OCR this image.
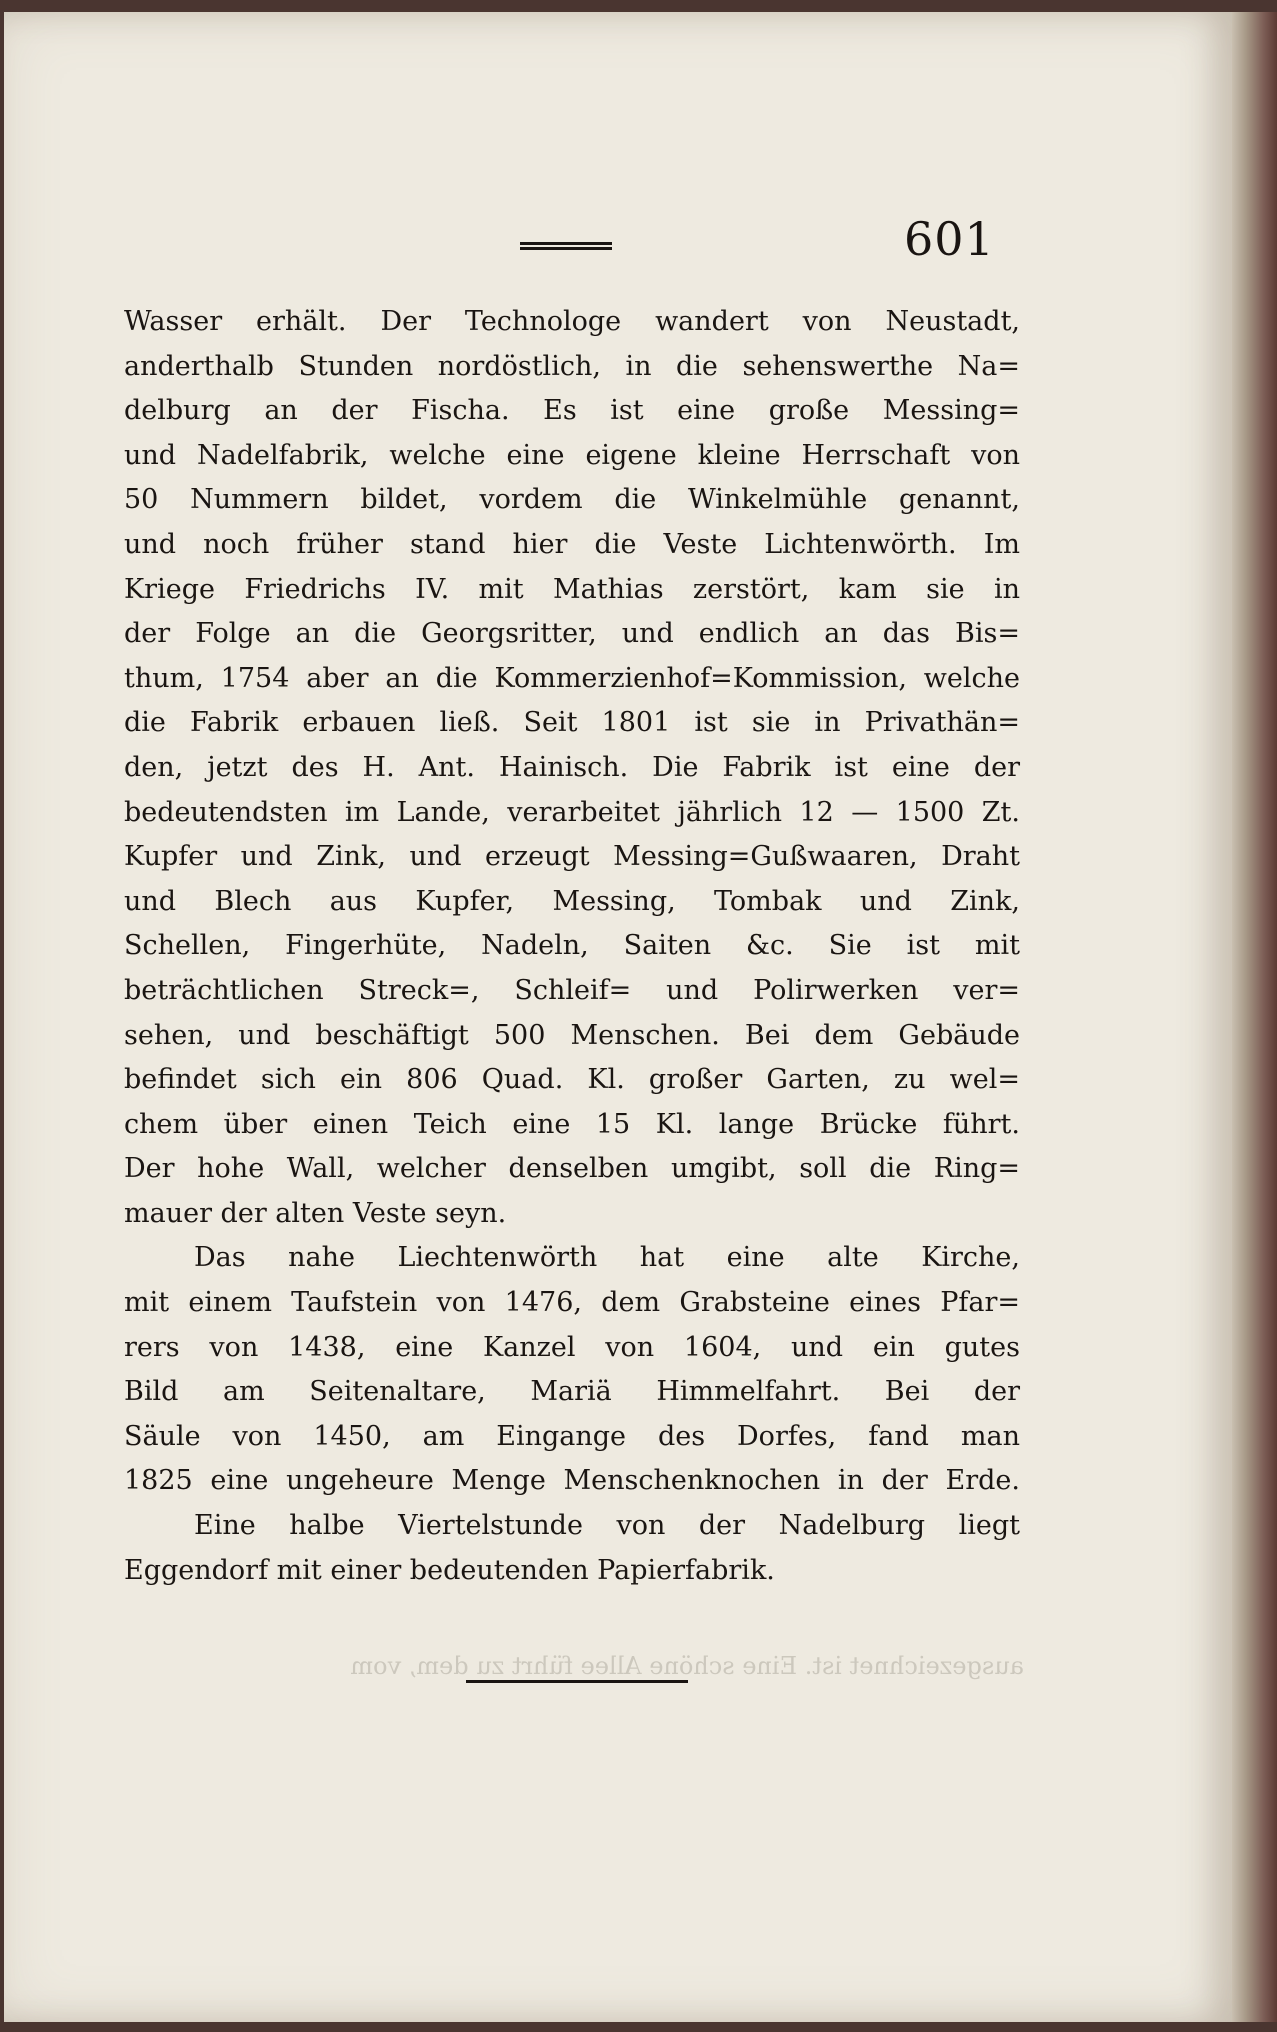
601
Wasser erhält. Der Technologe wandert von Neustadt,
anderthalb Stunden nordöstlich, in die sehenswerthe Na=
delburg an der Fischa. Es ist eine große Messing=
und Nadelfabrik, welche eine eigene kleine Herrschaft von
50 Nummern bildet, vordem die Winkelmühle genannt,
und noch früher stand hier die Veste Lichtenwörth. Im
Kriege Friedrichs IV. mit Mathias zerstört, kam sie in
der Folge an die Georgsritter, und endlich an das Bis=
thum, 1754 aber an die Kommerzienhof=Kommission, welche
die Fabrik erbauen ließ. Seit 1801 ist sie in Privathän=
den, jetzt des H. Ant. Hainisch. Die Fabrik ist eine der
bedeutendsten im Lande, verarbeitet jährlich 12 — 1500 Zt.
Kupfer und Zink, und erzeugt Messing=Gußwaaren, Draht
und Blech aus Kupfer, Messing, Tombak und Zink,
Schellen, Fingerhüte, Nadeln, Saiten &c. Sie ist mit
beträchtlichen Streck=, Schleif= und Polirwerken ver=
sehen, und beschäftigt 500 Menschen. Bei dem Gebäude
befindet sich ein 806 Quad. Kl. großer Garten, zu wel=
chem über einen Teich eine 15 Kl. lange Brücke führt.
Der hohe Wall, welcher denselben umgibt, soll die Ring=
mauer der alten Veste seyn.
Das nahe Liechtenwörth hat eine alte Kirche,
mit einem Taufstein von 1476, dem Grabsteine eines Pfar=
rers von 1438, eine Kanzel von 1604, und ein gutes
Bild am Seitenaltare, Mariä Himmelfahrt. Bei der
Säule von 1450, am Eingange des Dorfes, fand man
1825 eine ungeheure Menge Menschenknochen in der Erde.
Eine halbe Viertelstunde von der Nadelburg liegt
Eggendorf mit einer bedeutenden Papierfabrik.
ausgezeichnet ist. Eine schöne Allee führt zu dem, vom
